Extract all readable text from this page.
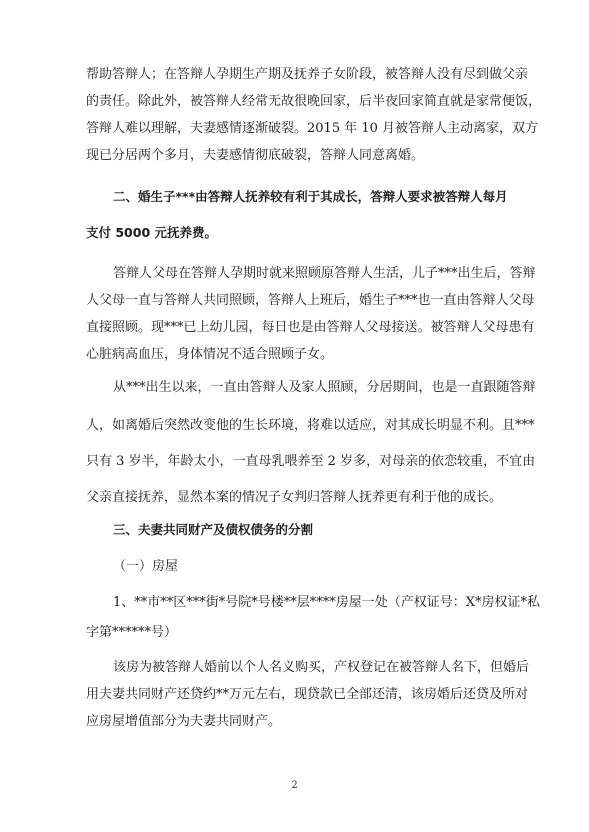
帮助答辩人；在答辩人孕期生产期及抚养子女阶段，被答辩人没有尽到做父亲
的责任。除此外，被答辩人经常无故很晚回家，后半夜回家简直就是家常便饭，
答辩人难以理解，夫妻感情逐渐破裂。2015 年 10 月被答辩人主动离家，双方
现已分居两个多月，夫妻感情彻底破裂，答辩人同意离婚。
二、婚生子***由答辩人抚养较有利于其成长，答辩人要求被答辩人每月
支付 5000 元抚养费。
答辩人父母在答辩人孕期时就来照顾原答辩人生活，儿子***出生后，答辩
人父母一直与答辩人共同照顾，答辩人上班后，婚生子***也一直由答辩人父母
直接照顾。现***已上幼儿园，每日也是由答辩人父母接送。被答辩人父母患有
心脏病高血压，身体情况不适合照顾子女。
从***出生以来，一直由答辩人及家人照顾，分居期间，也是一直跟随答辩
人，如离婚后突然改变他的生长环境，将难以适应，对其成长明显不利。且***
只有 3 岁半，年龄太小，一直母乳喂养至 2 岁多，对母亲的依恋较重，不宜由
父亲直接抚养，显然本案的情况子女判归答辩人抚养更有利于他的成长。
三、夫妻共同财产及债权债务的分割
（一）房屋
1、**市**区***街*号院*号楼**层****房屋一处（产权证号：X*房权证*私
字第******号）
该房为被答辩人婚前以个人名义购买，产权登记在被答辩人名下，但婚后
用夫妻共同财产还贷约**万元左右，现贷款已全部还清，该房婚后还贷及所对
应房屋增值部分为夫妻共同财产。
2
